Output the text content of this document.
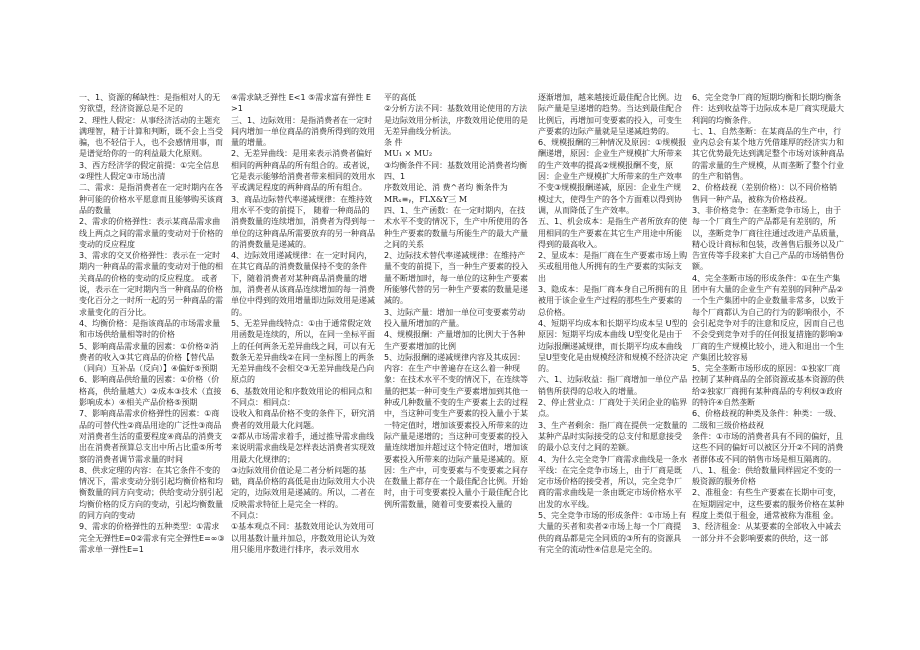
一、1、资源的稀缺性：是指相对人的无穷欲望，经济资源总是不足的

2、理性人假定：从事经济活动的主题充满理智，精于计算和判断，既不会上当受骗，也不轻信于人，也不会感情用事，而是谱觉给你的一的利益最大化原则。

3、西方经济学的假定前提：①完全信息

②理性人假定③市场出清

二、需求：是指消费者在一定时期内在各种可能的价格水平愿意而且能够购买该商品的数量

2、需求的价格弹性：表示某商品需求曲线上两点之间的需求量的变动对于价格的变动的反应程度

3、需求的交叉价格弹性：表示在一定时期内一种商品的需求量的变动对于他的相关商品的价格的变动的反应程度。 或者说，表示在一定时期内当一种商品的价格变化百分之一时所一起的另一种商品的需求量变化的百分比。

4、均衡价格：是指该商品的市场需求量和市场供给量相等时的价格

5、影响商品需求量的因素：①价格②消费者的收入③其它商品的价格【替代品（同向）互补品（反向）】④偏好⑤预期

6、影响商品供给量的因素：①价格（价格高，供给量越大）②成本③技术（直接影响成本）④相关产品价格⑤预期

7、影响商品需求价格弹性的因素：①商品的可替代性②商品用途的广泛性③商品对消费者生活的重要程度④商品的消费支出在消费者预算总支出中所占比重⑤所考察的消费者调节需求量的时间

8、供求定理的内容：在其它条件不变的情况下，需求变动分别引起均衡价格和均衡数量的同方向变动；供给变动分别引起均衡价格的反方向的变动，引起均衡数量的同方向的变动

9、需求的价格弹性的五种类型：①需求完全无弹性E=0②需求有完全弹性E=∞③需求单一弹性E=1

④需求缺乏弹性 E<1 ⑤需求富有弹性 E>1

三、1、边际效用：是指消费者在一定时间内增加一单位商品的消费所得到的效用量的增量。

2、无差异曲线：是用来表示消费者偏好相同的两种商品的所有组合的。或者说，它是表示能够给消费者带来相同的效用水平或满足程度的两种商品的所有组合。

3、商品边际替代率递减规律：在维持效用水平不变的前提下， 随着一种商品的消费数量的连续增加，消费者为得到每一单位的这种商品所需要放弃的另一种商品的消费数量是递减的。

4、边际效用递减规律：在一定时间内，在其它商品的消费数量保持不变的条件下，随着消费者对某种商品消费量的增加，消费者从该商品连续增加的每一消费单位中得到的效用增量即边际效用是递减的。

5、无差异曲线特点：①由于通常假定效用函数是连续的，所以，在同一坐标平面上的任何两条无差异曲线之间，可以有无数条无差异曲线②在同一坐标图上的两条无差异曲线不会相交③无差异曲线是凸向原点的

6、基数效用论和序数效用论的相同点和不同点：相同点：

设收入和商品价格不变的条件下，研究消费者的效用最大化问题。

②都从市场需求着手，通过推导需求曲线来说明需求曲线是怎样表达消费者实现效用最大化规律的；

③边际效用价值论是二者分析问题的基础，商品价格的高低是由边际效用大小决定的，边际效用是递减的。所以，二者在反映需求特征上是完全一样的。

不同点：

①基本观点不同：基数效用论认为效用可以用基数计量并加总，序数效用论认为效用只能用序数进行排序，表示效用水

平的高低

②分析方法不同：基数效用论使用的方法是边际效用分析法，序数效用论使用的是无差异曲线分析法。

条 件

MU₁ × MU₂

③均衡条件不同：基数效用论消费者均衡

四、1

序数效用论、消 费^者均 衡条件为

MRₓ≡ᵧ，FLX&Y三 M

四、1、生产函数：在一定时期内，在技术水平不变的情况下，生产中所使用的各种生产要素的数量与所能生产的最大产量之间的关系

2、边际技术替代率递减规律：在维持产量不变的前提下，当一种生产要素的投入量不断增加时，每一单位的这种生产要素所能够代替的另一种生产要素的数量是递减的。

3、边际产量：增加一单位可变要素劳动投入量所增加的产量。

4、规模报酬：产量增加的比例大于各种生产要素增加的比例

5、边际报酬的递减规律内容及其成因：内容：在生产中普遍存在这么着一种现象：在技术水平不变的情况下，在连续等量的把某一种可变生产要素增加到其他一种或几种数量不变的生产要素上去的过程中，当这种可变生产要素的投入量小于某一特定值时，增加该要素投入所带来的边际产量是递增的；当这种可变要素的投入量连续增加并超过这个特定值时，增加该要素投入所带来的边际产量是递减的。原因：生产中，可变要素与不变要素之间存在数量上都存在一个最佳配合比例。开始时，由于可变要素投入量小于最佳配合比例所需数量，随着可变要素投入量的

逐渐增加，越来越接近最佳配合比例。边际产量是呈递增的趋势。当达到最佳配合比例后，再增加可变要素的投入，可变生产要素的边际产量就是呈递减趋势的。

6、规模报酬的三种情况及原因：①规模报酬递增，原因：企业生产规模扩大所带来的生产效率的提高②规模报酬不变，原因：企业生产规模扩大所带来的生产效率不变③规模报酬递减，原因：企业生产规模过大，使得生产的各个方面难以得到协调，从而降低了生产效率。

五、1、机会成本：是指生产者所放弃的使用相同的生产要素在其它生产用途中所能得到的最高收入。

2、显成本：是指厂商在生产要素市场上购买或租用他人所拥有的生产要素的实际支出

3、隐成本：是指厂商本身自己所拥有的且被用于该企业生产过程的那些生产要素的总价格。

4、短期平均成本和长期平均成本呈 U型的原因：短期平均成本曲线 U型变化是由于边际报酬递减规律，而长期平均成本曲线呈U型变化是由规模经济和规模不经济决定的。

六、1、边际收益：指厂商增加一单位产品销售所获得的总收入的增量。

2、停止营业点：厂商处于关闭企业的临界点。

3、生产者剩余：指厂商在提供一定数量的某种产品时实际接受的总支付和愿意接受的最小总支付之间的差额。

4、为什么完全竞争厂商需求曲线是一条水平线：在完全竞争市场上，由于厂商是既定市场价格的接受者，所以，完全竞争厂商的需求曲线是一条由既定市场价格水平出发的水平线。

5、完全竞争市场的形成条件：①市场上有大量的买者和卖者②市场上每一个厂商提供的商品都是完全同质的③所有的资源具有完全的流动性④信息是完全的。

6、完全竞争厂商的短期均衡和长期均衡条件：达到收益等于边际成本是厂商实现最大利润的均衡条件。

七、1、自然垄断：在某商品的生产中，行业内总会有某个地方凭借雄厚的经济实力和其它优势最先达到满足整个市场对该种商品的需求量的生产规模，从而垄断了整个行业的生产和销售。

2、价格歧视（差别价格）：以不同价格销售同一种产品，被称为价格歧视。

3、非价格竞争：在垄断竞争市场上，由于每一个厂商生产的产品都是有差别的，所以，垄断竞争厂商往往通过改进产品质量，精心设计商标和包装，改善售后服务以及广告宣传等手段来扩大自己产品的市场销售份额。

4、完全垄断市场的形成条件：①在生产集团中有大量的企业生产有差别的同种产品②一个生产集团中的企业数量非常多，以致于每个厂商都认为自己的行为的影响很小，不会引起竞争对手的注意和反应，因而自己也不会受到竞争对手的任何报复措施的影响③厂商的生产规模比较小，进入和退出一个生产集团比较容易

5、完全垄断市场形成的原因：①独家厂商控制了某种商品的全部资源或基本资源的供给②独家厂商拥有某种商品的专利权③政府的特许④自然垄断

6、价格歧视的种类及条件：种类：一级、二级和三级价格歧视

条件：①市场的消费者具有不同的偏好，且这些不同的偏好可以被区分开②不同的消费者群体或不同的销售市场是相互隔离的。

八、1、租金：供给数量同样固定不变的一般资源的服务价格

2、准租金：有些生产要素在长期中可变，在短期固定中，这些要素的服务价格在某种程度上类似于租金，通常被称为准租 金。

3、经济租金：从某要素的全部收入中减去一部分并不会影响要素的供给，这一部
